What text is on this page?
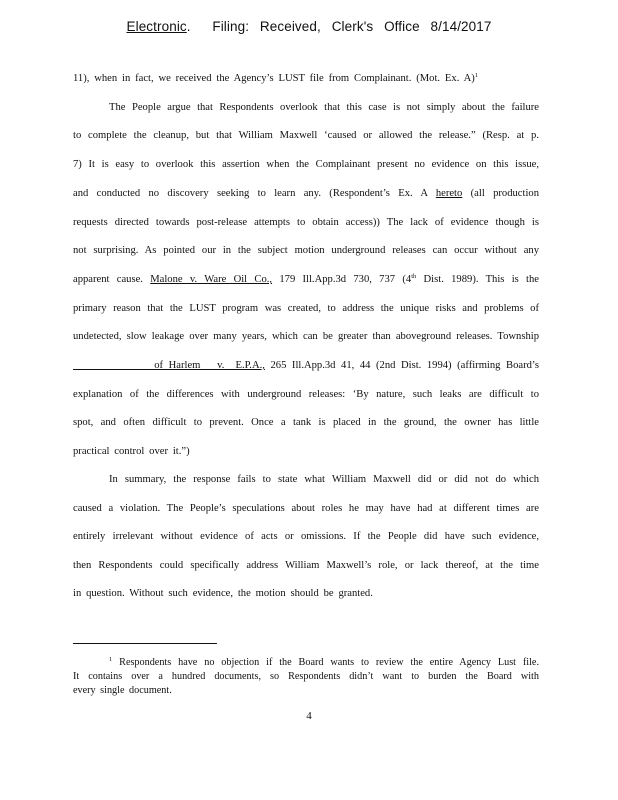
Electronic.  Filing: Received, Clerk's Office 8/14/2017
11), when in fact, we received the Agency’s LUST file from Complainant. (Mot. Ex. A)$^1$
The People argue that Respondents overlook that this case is not simply about the failure
to complete the cleanup, but that William Maxwell ‘caused or allowed the release.” (Resp. at p.
7) It is easy to overlook this assertion when the Complainant present no evidence on this issue,
and conducted no discovery seeking to learn any. (Respondent’s Ex. A hereto (all production
requests directed towards post-release attempts to obtain access)) The lack of evidence though is
not surprising. As pointed our in the subject motion underground releases can occur without any
apparent cause. Malone v. Ware Oil Co., 179 Ill.App.3d 730, 737 (4th Dist. 1989). This is the
primary reason that the LUST program was created, to address the unique risks and problems of
undetected, slow leakage over many years, which can be greater than aboveground releases. Township
of Harlem   v.  E.P.A., 265 Ill.App.3d 41, 44 (2nd Dist. 1994) (affirming Board’s
explanation of the differences with underground releases: ‘By nature, such leaks are difficult to
spot, and often difficult to prevent. Once a tank is placed in the ground, the owner has little
practical control over it.”)
In summary, the response fails to state what William Maxwell did or did not do which
caused a violation. The People’s speculations about roles he may have had at different times are
entirely irrelevant without evidence of acts or omissions. If the People did have such evidence,
then Respondents could specifically address William Maxwell’s role, or lack thereof, at the time
in question. Without such evidence, the motion should be granted.
$^1$ Respondents have no objection if the Board wants to review the entire Agency Lust file.
It contains over a hundred documents, so Respondents didn’t want to burden the Board with
every single document.
4
